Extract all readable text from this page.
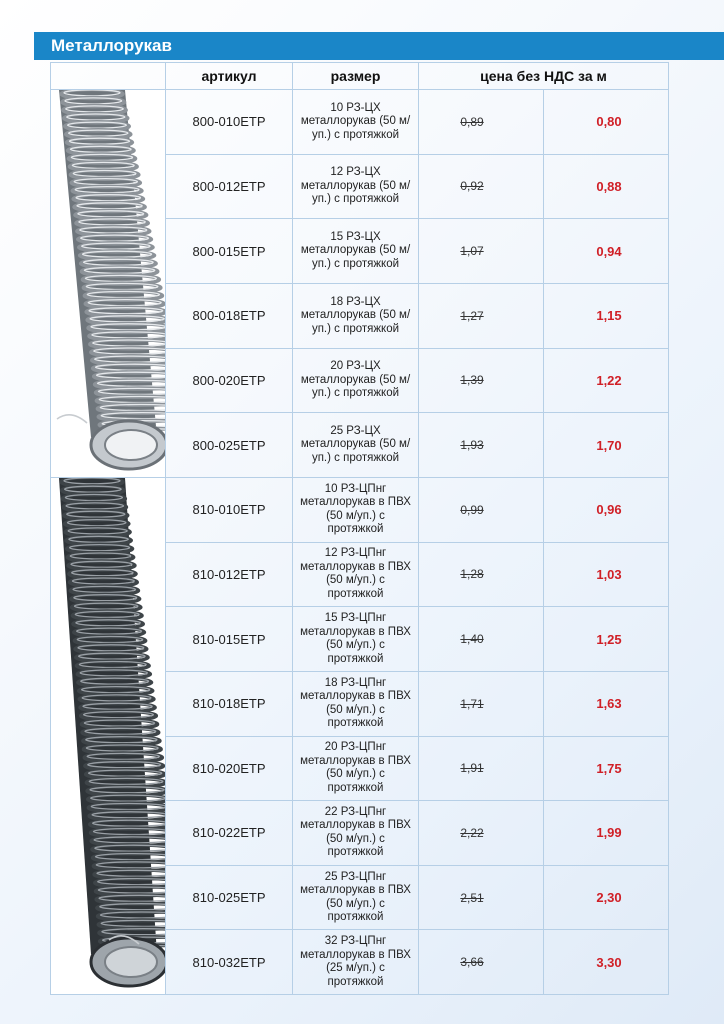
Металлорукав
	артикул	размер	цена без НДС за м	

	800-010ETP	10 РЗ-ЦХ металлорукав (50 м/уп.) с протяжкой	0,89	0,80
	800-012ETP	12 РЗ-ЦХ металлорукав (50 м/уп.) с протяжкой	0,92	0,88
	800-015ETP	15 РЗ-ЦХ металлорукав (50 м/уп.) с протяжкой	1,07	0,94
	800-018ETP	18 РЗ-ЦХ металлорукав (50 м/уп.) с протяжкой	1,27	1,15
	800-020ETP	20 РЗ-ЦХ металлорукав (50 м/уп.) с протяжкой	1,39	1,22
	800-025ETP	25 РЗ-ЦХ металлорукав (50 м/уп.) с протяжкой	1,93	1,70

	810-010ETP	10 РЗ-ЦПнг металлорукав в ПВХ (50 м/уп.) с протяжкой	0,99	0,96
	810-012ETP	12 РЗ-ЦПнг металлорукав в ПВХ (50 м/уп.) с протяжкой	1,28	1,03
	810-015ETP	15 РЗ-ЦПнг металлорукав в ПВХ (50 м/уп.) с протяжкой	1,40	1,25
	810-018ETP	18 РЗ-ЦПнг металлорукав в ПВХ (50 м/уп.) с протяжкой	1,71	1,63
	810-020ETP	20 РЗ-ЦПнг металлорукав в ПВХ (50 м/уп.) с протяжкой	1,91	1,75
	810-022ETP	22 РЗ-ЦПнг металлорукав в ПВХ (50 м/уп.) с протяжкой	2,22	1,99
	810-025ETP	25 РЗ-ЦПнг металлорукав в ПВХ (50 м/уп.) с протяжкой	2,51	2,30
	810-032ETP	32 РЗ-ЦПнг металлорукав в ПВХ (25 м/уп.) с протяжкой	3,66	3,30
